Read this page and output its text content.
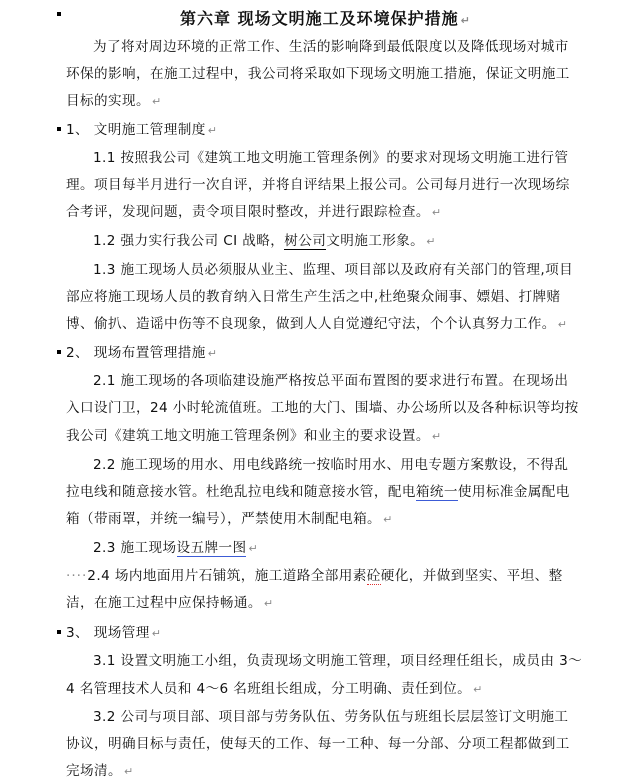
第六章 现场文明施工及环境保护措施 ↵
为了将对周边环境的正常工作、生活的影响降到最低限度以及降低现场对城市
环保的影响，在施工过程中，我公司将采取如下现场文明施工措施，保证文明施工
目标的实现。 ↵
1、 文明施工管理制度 ↵
1.1 按照我公司《建筑工地文明施工管理条例》的要求对现场文明施工进行管
理。项目每半月进行一次自评，并将自评结果上报公司。公司每月进行一次现场综
合考评，发现问题，责令项目限时整改，并进行跟踪检查。 ↵
1.2 强力实行我公司 CI 战略，树公司文明施工形象。 ↵
1.3 施工现场人员必须服从业主、监理、项目部以及政府有关部门的管理,项目
部应将施工现场人员的教育纳入日常生产生活之中,杜绝聚众闹事、嫖娼、打牌赌
博、偷扒、造谣中伤等不良现象，做到人人自觉遵纪守法，个个认真努力工作。 ↵
2、 现场布置管理措施 ↵
2.1 施工现场的各项临建设施严格按总平面布置图的要求进行布置。在现场出
入口设门卫，24 小时轮流值班。工地的大门、围墙、办公场所以及各种标识等均按
我公司《建筑工地文明施工管理条例》和业主的要求设置。 ↵
2.2 施工现场的用水、用电线路统一按临时用水、用电专题方案敷设，不得乱
拉电线和随意接水管。杜绝乱拉电线和随意接水管，配电箱统一使用标准金属配电
箱（带雨罩，并统一编号），严禁使用木制配电箱。 ↵
2.3 施工现场设五牌一图 ↵
····2.4 场内地面用片石铺筑，施工道路全部用素砼硬化，并做到坚实、平坦、整
洁，在施工过程中应保持畅通。 ↵
3、 现场管理 ↵
3.1 设置文明施工小组，负责现场文明施工管理，项目经理任组长，成员由 3～
4 名管理技术人员和 4～6 名班组长组成，分工明确、责任到位。 ↵
3.2 公司与项目部、项目部与劳务队伍、劳务队伍与班组长层层签订文明施工
协议，明确目标与责任，使每天的工作、每一工种、每一分部、分项工程都做到工
完场清。 ↵
